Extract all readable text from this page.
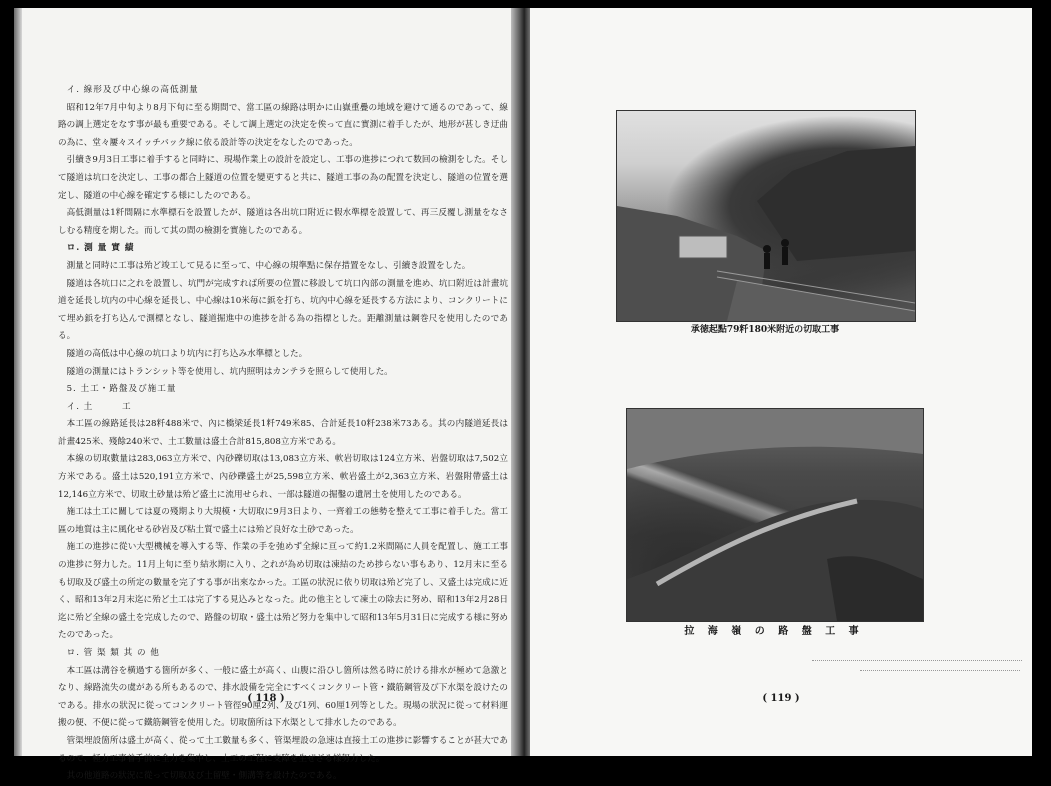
イ. 線形及び中心線の高低測量

昭和12年7月中旬より8月下旬に至る期間で、當工區の線路は明かに山嶽重疊の地域を避けて通るのであって、線路の調上選定をなす事が最も重要である。そして調上選定の決定を俟って直に實測に着手したが、地形が甚しき迂曲の為に、堂々屢々スイッチバック線に依る設計等の決定をなしたのであった。

引續き9月3日工事に着手すると同時に、現場作業上の設計を設定し、工事の進捗につれて数回の檢測をした。そして隧道は坑口を決定し、工事の都合上隧道の位置を變更すると共に、隧道工事の為の配置を決定し、隧道の位置を選定し、隧道の中心線を確定する様にしたのである。

高低測量は1粁間隔に水準標石を設置したが、隧道は各出坑口附近に假水準標を設置して、再三反覆し測量をなさしむる精度を期した。而して其の間の檢測を實施したのである。

ロ. 測 量 實 績

測量と同時に工事は殆ど竣工して見るに至って、中心線の規準點に保存措置をなし、引續き設置をした。

隧道は各坑口に之れを設置し、坑門が完成すれば所要の位置に移設して坑口內部の測量を進め、坑口附近は計畫坑道を延長し坑内の中心線を延長し、中心線は10米毎に鋲を打ち、坑內中心線を延長する方法により、コンクリートにて埋め鋲を打ち込んで測標となし、隧道掘進中の進捗を計る為の指標とした。距離測量は鋼巻尺を使用したのである。

隧道の高低は中心線の坑口より坑内に打ち込み水準標とした。

隧道の測量にはトランシット等を使用し、坑内照明はカンテラを照らして使用した。

5. 土工・路盤及び施工量

イ. 土　　　工

本工區の線路延長は28粁488米で、內に橋梁延長1粁749米85、合計延長10粁238米73ある。其の内隧道延長は計畫425米、殘餘240米で、土工數量は盛土合計815,808立方米である。

本線の切取數量は283,063立方米で、內砂礫切取は13,083立方米、軟岩切取は124立方米、岩盤切取は7,502立方米である。盛土は520,191立方米で、內砂礫盛土が25,598立方米、軟岩盛土が2,363立方米、岩盤附帶盛土は12,146立方米で、切取土砂量は殆ど盛土に流用せられ、一部は隧道の掘鑿の遺屑土を使用したのである。

施工は土工に關しては夏の殘期より大規模・大切取に9月3日より、一齊着工の態勢を整えて工事に着手した。當工區の地質は主に風化せる砂岩及び粘土質で盛土には殆ど良好な土砂であった。

施工の進捗に從い大型機械を導入する等、作業の手を弛めず全線に亘って約1.2米間隔に人員を配置し、施工工事の進捗に努力した。11月上旬に至り結氷期に入り、之れが為め切取は凍結のため捗らない事もあり、12月末に至るも切取及び盛土の所定の數量を完了する事が出來なかった。工區の狀況に依り切取は殆ど完了し、又盛土は完成に近く、昭和13年2月末迄に殆ど土工は完了する見込みとなった。此の他主として凍土の除去に努め、昭和13年2月28日迄に殆ど全線の盛土を完成したので、路盤の切取・盛土は殆ど努力を集中して昭和13年5月31日に完成する様に努めたのであった。

ロ. 管 渠 類 其 の 他

本工區は溝谷を横過する箇所が多く、一般に盛土が高く、山腹に沿ひし箇所は然る時に於ける排水が極めて急激となり、線路流失の虞がある所もあるので、排水設備を完全にすべくコンクリート管・鐵筋鋼管及び下水渠を設けたのである。排水の狀況に從ってコンクリート管徑90厘2列、及び1列、60厘1列等とした。現場の狀況に從って材料運搬の便、不便に從って鐵筋鋼管を使用した。切取箇所は下水渠として排水したのである。

管渠埋設箇所は盛土が高く、從って土工數量も多く、管渠埋設の急速は直接土工の進捗に影響することが甚大であるので、極力工事着手前に全力を集中し、土工の工程に支障を生ぜざる様努力した。

其の他道路の狀況に從って切取及び土留壁・側溝等を設けたのである。

( 118 )
承徳起點79粁180米附近の切取工事
拉 海 嶺 の 路 盤 工 事
( 119 )
